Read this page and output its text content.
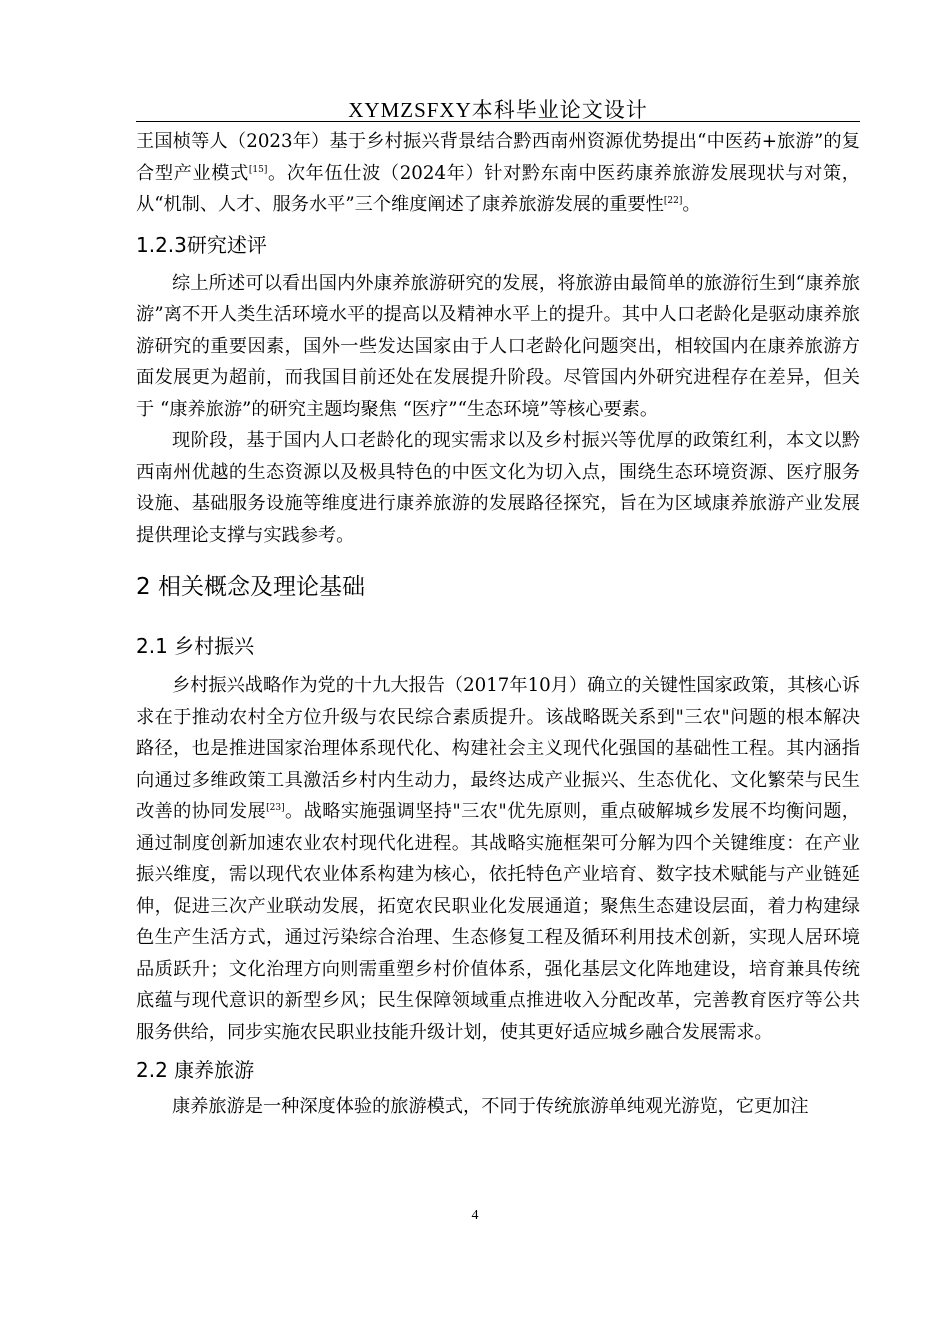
XYMZSFXY本科毕业论文设计

王国桢等人（2023年）基于乡村振兴背景结合黔西南州资源优势提出“中医药+旅游”的复合型产业模式[15]。次年伍仕波（2024年）针对黔东南中医药康养旅游发展现状与对策，从“机制、人才、服务水平”三个维度阐述了康养旅游发展的重要性[22]。

1.2.3研究述评

综上所述可以看出国内外康养旅游研究的发展，将旅游由最简单的旅游衍生到“康养旅游”离不开人类生活环境水平的提高以及精神水平上的提升。其中人口老龄化是驱动康养旅游研究的重要因素，国外一些发达国家由于人口老龄化问题突出，相较国内在康养旅游方面发展更为超前，而我国目前还处在发展提升阶段。尽管国内外研究进程存在差异，但关于 “康养旅游”的研究主题均聚焦 “医疗”“生态环境”等核心要素。

现阶段，基于国内人口老龄化的现实需求以及乡村振兴等优厚的政策红利，本文以黔西南州优越的生态资源以及极具特色的中医文化为切入点，围绕生态环境资源、医疗服务设施、基础服务设施等维度进行康养旅游的发展路径探究，旨在为区域康养旅游产业发展提供理论支撑与实践参考。

2 相关概念及理论基础
2.1 乡村振兴

乡村振兴战略作为党的十九大报告（2017年10月）确立的关键性国家政策，其核心诉求在于推动农村全方位升级与农民综合素质提升。该战略既关系到"三农"问题的根本解决路径，也是推进国家治理体系现代化、构建社会主义现代化强国的基础性工程。其内涵指向通过多维政策工具激活乡村内生动力，最终达成产业振兴、生态优化、文化繁荣与民生改善的协同发展[23]。战略实施强调坚持"三农"优先原则，重点破解城乡发展不均衡问题，通过制度创新加速农业农村现代化进程。其战略实施框架可分解为四个关键维度：在产业振兴维度，需以现代农业体系构建为核心，依托特色产业培育、数字技术赋能与产业链延伸，促进三次产业联动发展，拓宽农民职业化发展通道；聚焦生态建设层面，着力构建绿色生产生活方式，通过污染综合治理、生态修复工程及循环利用技术创新，实现人居环境品质跃升；文化治理方向则需重塑乡村价值体系，强化基层文化阵地建设，培育兼具传统底蕴与现代意识的新型乡风；民生保障领域重点推进收入分配改革，完善教育医疗等公共服务供给，同步实施农民职业技能升级计划，使其更好适应城乡融合发展需求。

2.2 康养旅游

康养旅游是一种深度体验的旅游模式，不同于传统旅游单纯观光游览，它更加注

4
